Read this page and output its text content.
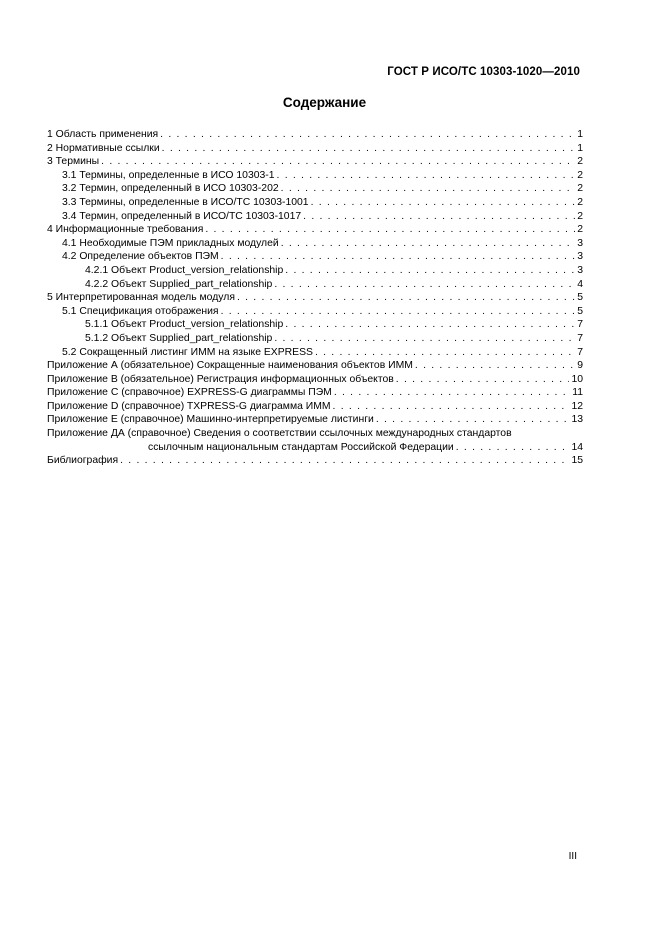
ГОСТ Р ИСО/ТС 10303-1020—2010
Содержание
1 Область применения . . .	1
2 Нормативные ссылки . . .	1
3 Термины . . .	2
3.1 Термины, определенные в ИСО 10303-1 . . .	2
3.2 Термин, определенный в ИСО 10303-202 . . .	2
3.3 Термины, определенные в ИСО/ТС 10303-1001 . . .	2
3.4 Термин, определенный в ИСО/ТС 10303-1017 . . .	2
4 Информационные требования . . .	2
4.1 Необходимые ПЭМ прикладных модулей . . .	3
4.2 Определение объектов ПЭМ . . .	3
4.2.1 Объект Product_version_relationship . . .	3
4.2.2 Объект Supplied_part_relationship . . .	4
5 Интерпретированная модель модуля . . .	5
5.1 Спецификация отображения . . .	5
5.1.1 Объект Product_version_relationship . . .	7
5.1.2 Объект Supplied_part_relationship . . .	7
5.2 Сокращенный листинг ИММ на языке EXPRESS . . .	7
Приложение А (обязательное) Сокращенные наименования объектов ИММ . . .	9
Приложение В (обязательное) Регистрация информационных объектов . . .	10
Приложение С (справочное) EXPRESS-G диаграммы ПЭМ . . .	11
Приложение D (справочное) TXPRESS-G диаграмма ИММ . . .	12
Приложение Е (справочное) Машинно-интерпретируемые листинги . . .	13
Приложение ДА (справочное) Сведения о соответствии ссылочных международных стандартов
ссылочным национальным стандартам Российской Федерации . . .	14
Библиография . . .	15
III
